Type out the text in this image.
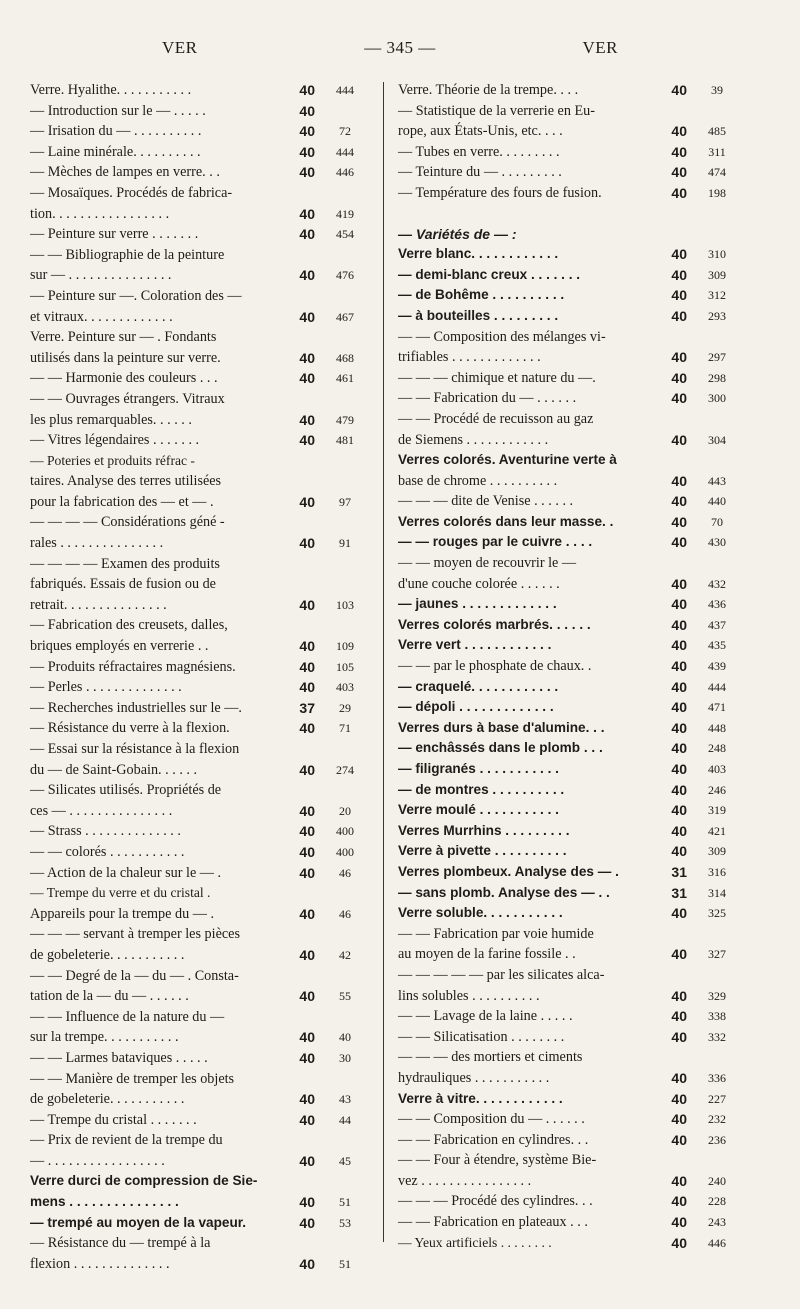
VER	— 345 —	VER
Verre. Hyalithe. . . . . . . . . . .	40	444
— Introduction sur le — . . . . .	40
— Irisation du — . . . . . . . . . .	40	72
— Laine minérale. . . . . . . . . .	40	444
— Mèches de lampes en verre. . .	40	446
— Mosaïques. Procédés de fabrica-
tion. . . . . . . . . . . . . . . . .	40	419
— Peinture sur verre . . . . . . .	40	454
— — Bibliographie de la peinture
sur — . . . . . . . . . . . . . . .	40	476
— Peinture sur —. Coloration des —
et vitraux. . . . . . . . . . . . .	40	467
Verre. Peinture sur — . Fondants
utilisés dans la peinture sur verre.	40	468
— — Harmonie des couleurs . . .	40	461
— — Ouvrages étrangers. Vitraux
les plus remarquables. . . . . .	40	479
— Vitres légendaires . . . . . . .	40	481
— Poteries et produits réfrac -
taires. Analyse des terres utilisées
pour la fabrication des — et — .	40	97
— — — — Considérations géné -
rales . . . . . . . . . . . . . . .	40	91
— — — — Examen des produits
fabriqués. Essais de fusion ou de
retrait. . . . . . . . . . . . . . .	40	103
— Fabrication des creusets, dalles,
briques employés en verrerie . .	40	109
— Produits réfractaires magnésiens.	40	105
— Perles . . . . . . . . . . . . . .	40	403
— Recherches industrielles sur le —.	37	29
— Résistance du verre à la flexion.	40	71
— Essai sur la résistance à la flexion
du — de Saint-Gobain. . . . . .	40	274
— Silicates utilisés. Propriétés de
ces — . . . . . . . . . . . . . . .	40	20
— Strass . . . . . . . . . . . . . .	40	400
— — colorés . . . . . . . . . . .	40	400
— Action de la chaleur sur le — .	40	46
— Trempe du verre et du cristal .
Appareils pour la trempe du — .	40	46
— — — servant à tremper les pièces
de gobeleterie. . . . . . . . . . .	40	42
— — Degré de la — du — . Consta-
tation de la — du — . . . . . .	40	55
— — Influence de la nature du —
sur la trempe. . . . . . . . . . .	40	40
— — Larmes bataviques . . . . .	40	30
— — Manière de tremper les objets
de gobeleterie. . . . . . . . . . .	40	43
— Trempe du cristal . . . . . . .	40	44
— Prix de revient de la trempe du
— . . . . . . . . . . . . . . . . .	40	45
Verre durci de compression de Sie-
mens . . . . . . . . . . . . . . .	40	51
— trempé au moyen de la vapeur.	40	53
— Résistance du — trempé à la
flexion . . . . . . . . . . . . . .	40	51
Verre. Théorie de la trempe. . . .	40	39
— Statistique de la verrerie en Eu-
rope, aux États-Unis, etc. . . .	40	485
— Tubes en verre. . . . . . . . .	40	311
— Teinture du — . . . . . . . . .	40	474
— Température des fours de fusion.	40	198
— Variétés de — :
Verre blanc. . . . . . . . . . . .	40	310
— demi-blanc creux . . . . . . .	40	309
— de Bohême . . . . . . . . . .	40	312
— à bouteilles . . . . . . . . .	40	293
— — Composition des mélanges vi-
trifiables . . . . . . . . . . . . .	40	297
— — — chimique et nature du —.	40	298
— — Fabrication du — . . . . . .	40	300
— — Procédé de recuisson au gaz
de Siemens . . . . . . . . . . . .	40	304
Verres colorés. Aventurine verte à
base de chrome . . . . . . . . . .	40	443
— — — dite de Venise . . . . . .	40	440
Verres colorés dans leur masse. .	40	70
— — rouges par le cuivre . . . .	40	430
— — moyen de recouvrir le —
d'une couche colorée . . . . . .	40	432
— jaunes . . . . . . . . . . . . .	40	436
Verres colorés marbrés. . . . . .	40	437
Verre vert . . . . . . . . . . . .	40	435
— — par le phosphate de chaux. .	40	439
— craquelé. . . . . . . . . . . .	40	444
— dépoli . . . . . . . . . . . . .	40	471
Verres durs à base d'alumine. . .	40	448
— enchâssés dans le plomb . . .	40	248
— filigranés . . . . . . . . . . .	40	403
— de montres . . . . . . . . . .	40	246
Verre moulé . . . . . . . . . . .	40	319
Verres Murrhins . . . . . . . . .	40	421
Verre à pivette . . . . . . . . . .	40	309
Verres plombeux. Analyse des — .	31	316
— sans plomb. Analyse des — . .	31	314
Verre soluble. . . . . . . . . . .	40	325
— — Fabrication par voie humide
au moyen de la farine fossile . .	40	327
— — — — — par les silicates alca-
lins solubles . . . . . . . . . .	40	329
— — Lavage de la laine . . . . .	40	338
— — Silicatisation . . . . . . . .	40	332
— — — des mortiers et ciments
hydrauliques . . . . . . . . . . .	40	336
Verre à vitre. . . . . . . . . . . .	40	227
— — Composition du — . . . . . .	40	232
— — Fabrication en cylindres. . .	40	236
— — Four à étendre, système Bie-
vez . . . . . . . . . . . . . . . .	40	240
— — — Procédé des cylindres. . .	40	228
— — Fabrication en plateaux . . .	40	243
— Yeux artificiels . . . . . . . .	40	446
